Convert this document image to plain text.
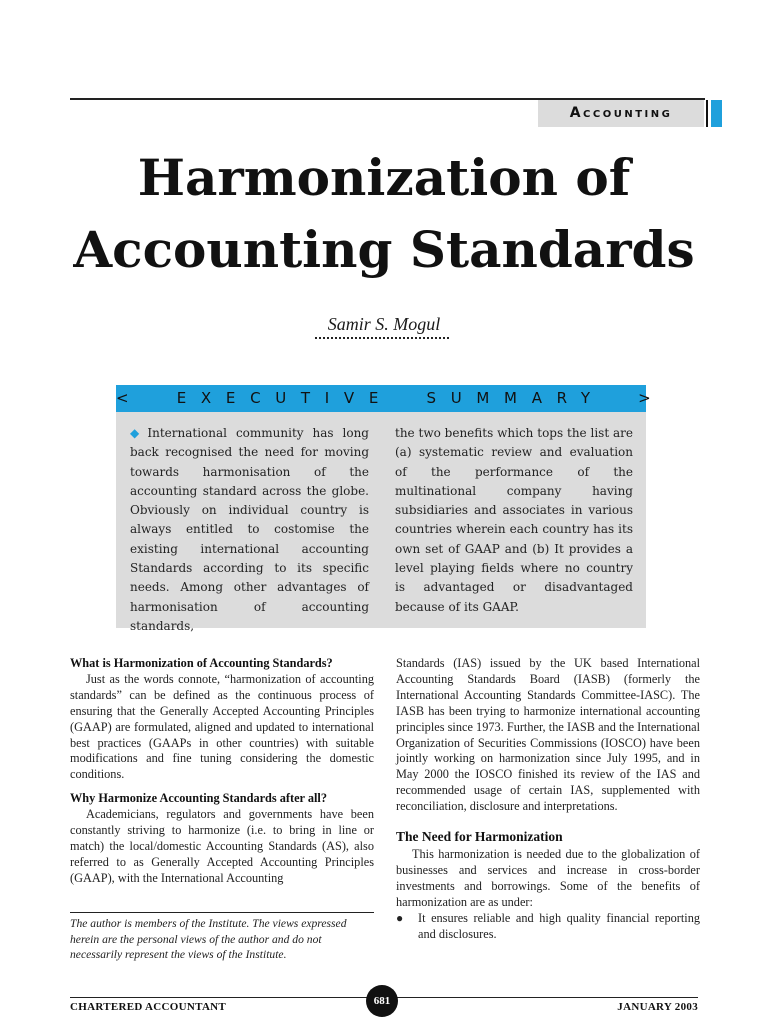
Accounting
Harmonization of
Accounting Standards
Samir S. Mogul
< EXECUTIVE SUMMARY >
◆ International community has long back recognised the need for moving towards harmonisation of the accounting standard across the globe. Obviously on individual country is always entitled to costomise the existing international accounting Standards according to its specific needs. Among other advantages of harmonisation of accounting standards,
the two benefits which tops the list are (a) systematic review and evaluation of the performance of the multinational company having subsidiaries and associates in various countries wherein each country has its own set of GAAP and (b) It provides a level playing fields where no country is advantaged or disadvantaged because of its GAAP.

What is Harmonization of Accounting Standards?

Just as the words connote, “harmonization of accounting standards” can be defined as the continuous process of ensuring that the Generally Accepted Accounting Principles (GAAP) are formulated, aligned and updated to international best practices (GAAPs in other countries) with suitable modifications and fine tuning considering the domestic conditions.

Why Harmonize Accounting Standards after all?

Academicians, regulators and governments have been constantly striving to harmonize (i.e. to bring in line or match) the local/domestic Accounting Standards (AS), also referred to as Generally Accepted Accounting Principles (GAAP), with the International Accounting

Standards (IAS) issued by the UK based International Accounting Standards Board (IASB) (formerly the International Accounting Standards Committee-IASC). The IASB has been trying to harmonize international accounting principles since 1973. Further, the IASB and the International Organization of Securities Commissions (IOSCO) have been jointly working on harmonization since July 1995, and in May 2000 the IOSCO finished its review of the IAS and recommended usage of certain IAS, supplemented with reconciliation, disclosure and interpretations.

The Need for Harmonization

This harmonization is needed due to the globalization of businesses and services and increase in cross-border investments and borrowings. Some of the benefits of harmonization are as under:

●	It ensures reliable and high quality financial reporting and disclosures.
The author is members of the Institute. The views expressed herein are the personal views of the author and do not necessarily represent the views of the Institute.
CHARTERED ACCOUNTANT	681	JANUARY 2003
